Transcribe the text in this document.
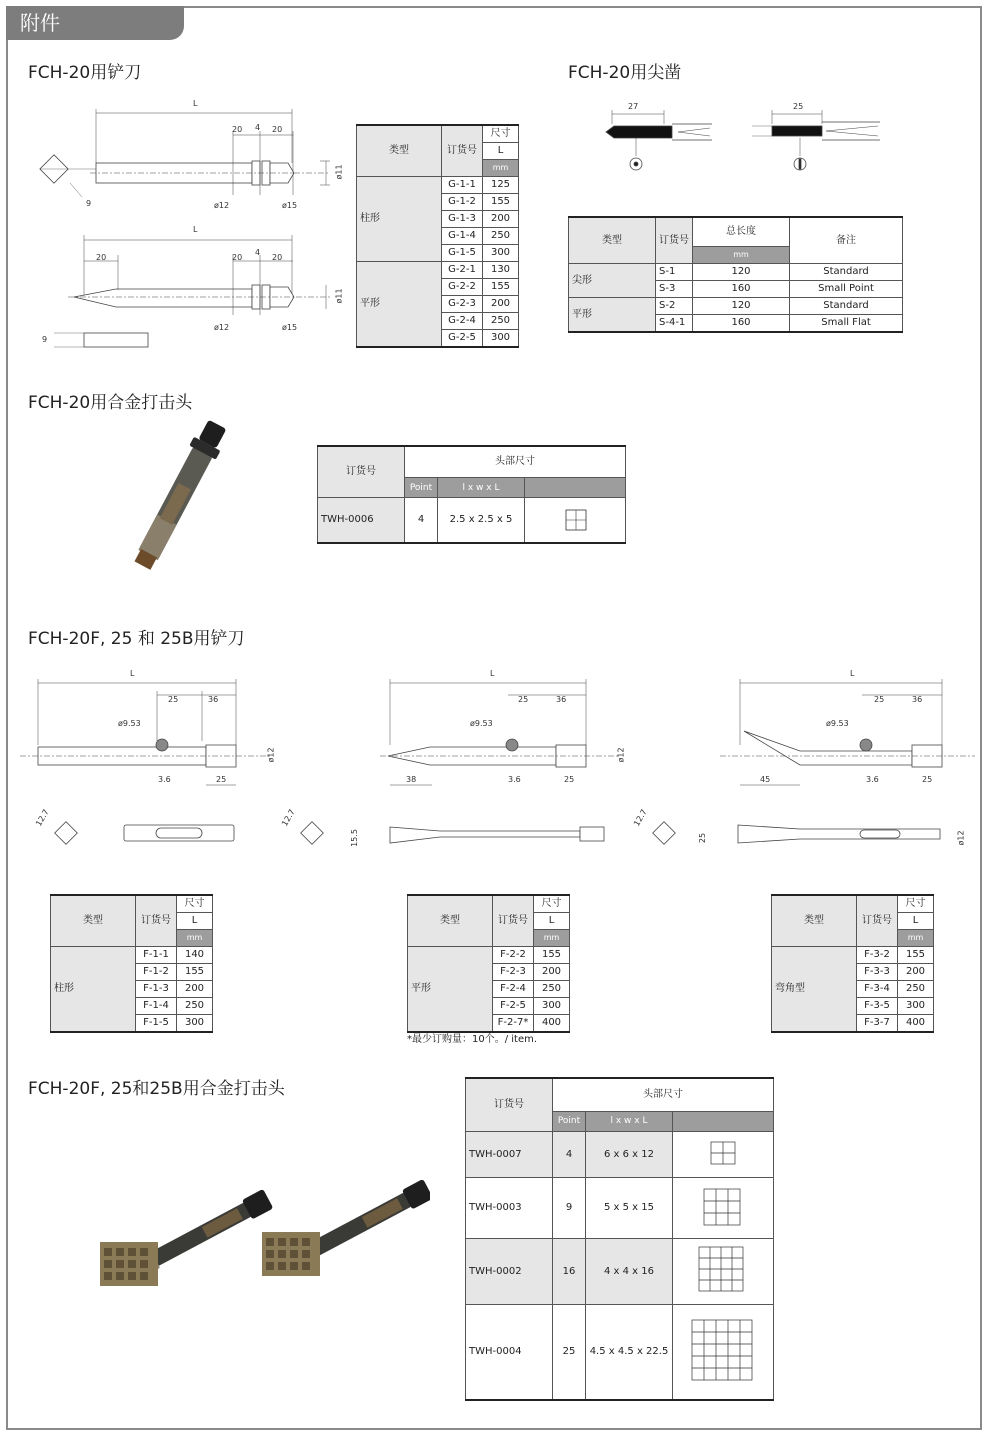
附件
FCH-20用铲刀	FCH-20用尖凿
FCH-20用合金打击头
FCH-20F, 25 和 25B用铲刀
FCH-20F, 25和25B用合金打击头
L
20 4 20
ø11
ø12	ø15
9
L
20	20
4
20
ø11
ø12	ø15
9
类型	订货号	尺寸
		L
		mm
柱形	G-1-1	125
	G-1-2	155
	G-1-3	200
	G-1-4	250
	G-1-5	300
平形	G-2-1	130
	G-2-2	155
	G-2-3	200
	G-2-4	250
	G-2-5	300
27	25
类型	订货号	总长度	备注
		mm	
尖形	S-1	120	Standard
	S-3	160	Small Point
平形	S-2	120	Standard
	S-4-1	160	Small Flat
订货号	头部尺寸		
	Point	l x w x L	
TWH-0006	4	2.5 x 2.5 x 5	
L
25	36
ø9.53
3.6	25
ø12
L
25	36
ø9.53
38	3.6	25
ø12
L
25	36
ø9.53
45	3.6	25
12.7	12.7
15.5
12.7
25	ø12
类型	订货号	尺寸
		L
		mm
柱形	F-1-1	140
	F-1-2	155
	F-1-3	200
	F-1-4	250
	F-1-5	300
类型	订货号	尺寸
		L
		mm
平形	F-2-2	155
	F-2-3	200
	F-2-4	250
	F-2-5	300
	F-2-7*	400
*最少订购量：10个。/ item.
类型	订货号	尺寸
		L
		mm
弯角型	F-3-2	155
	F-3-3	200
	F-3-4	250
	F-3-5	300
	F-3-7	400
订货号	头部尺寸		
	Point	l x w x L	
TWH-0007	4	6 x 6 x 12	
TWH-0003	9	5 x 5 x 15	
TWH-0002	16	4 x 4 x 16	
TWH-0004	25	4.5 x 4.5 x 22.5	
